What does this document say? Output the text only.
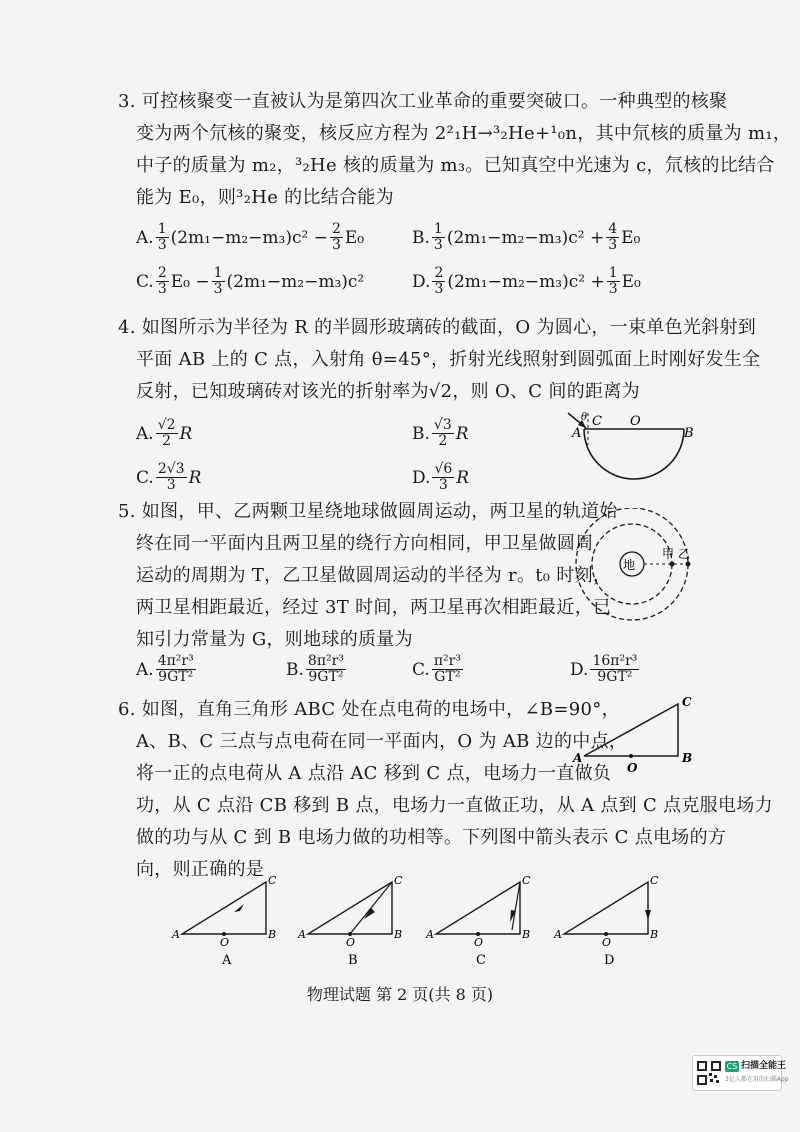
3. 可控核聚变一直被认为是第四次工业革命的重要突破口。一种典型的核聚
变为两个氘核的聚变，核反应方程为 2²₁H→³₂He+¹₀n，其中氘核的质量为 m₁，
中子的质量为 m₂，³₂He 核的质量为 m₃。已知真空中光速为 c，氘核的比结合
能为 E₀，则³₂He 的比结合能为
A. $\frac{1}{3} (2m_1-m_2-m_3)c^2 - \frac{2}{3} E_0$	B. $\frac{1}{3} (2m_1-m_2-m_3)c^2 + \frac{4}{3} E_0$
C. $\frac{2}{3} E_0 - \frac{1}{3} (2m_1-m_2-m_3)c^2$	D. $\frac{2}{3} (2m_1-m_2-m_3)c^2 + \frac{1}{3} E_0$
4. 如图所示为半径为 R 的半圆形玻璃砖的截面，O 为圆心，一束单色光斜射到
平面 AB 上的 C 点，入射角 θ=45°，折射光线照射到圆弧面上时刚好发生全
反射，已知玻璃砖对该光的折射率为√2，则 O、C 间的距离为
A. $\frac{√2}{2}$ R	B. $\frac{√3}{2}$ R
C. $\frac{2√3}{3}$ R	D. $\frac{√6}{3}$ R
A
C
θ	O
B
5. 如图，甲、乙两颗卫星绕地球做圆周运动，两卫星的轨道始
终在同一平面内且两卫星的绕行方向相同，甲卫星做圆周
运动的周期为 T，乙卫星做圆周运动的半径为 r。t₀ 时刻，
两卫星相距最近，经过 3T 时间，两卫星再次相距最近，已
知引力常量为 G，则地球的质量为
A. $\frac{\text{4π²r³}}{\text{9GT²}}$	B. $\frac{\text{8π²r³}}{\text{9GT²}}$	C. $\frac{\text{π²r³}}{\text{GT²}}$	D. $\frac{\text{16π²r³}}{\text{9GT²}}$
地
甲 乙
6. 如图，直角三角形 ABC 处在点电荷的电场中，∠B=90°，
A、B、C 三点与点电荷在同一平面内，O 为 AB 边的中点，
将一正的点电荷从 A 点沿 AC 移到 C 点，电场力一直做负
功，从 C 点沿 CB 移到 B 点，电场力一直做正功，从 A 点到 C 点克服电场力
做的功与从 C 到 B 电场力做的功相等。下列图中箭头表示 C 点电场的方
向，则正确的是
A	B
C
O
A	B
C
O
A
A	B
C
O
B
A	B
C
O
C
A	B
C
O
D
物理试题 第 2 页(共 8 页)
CS 扫描全能王
3亿人都在用的扫描App
